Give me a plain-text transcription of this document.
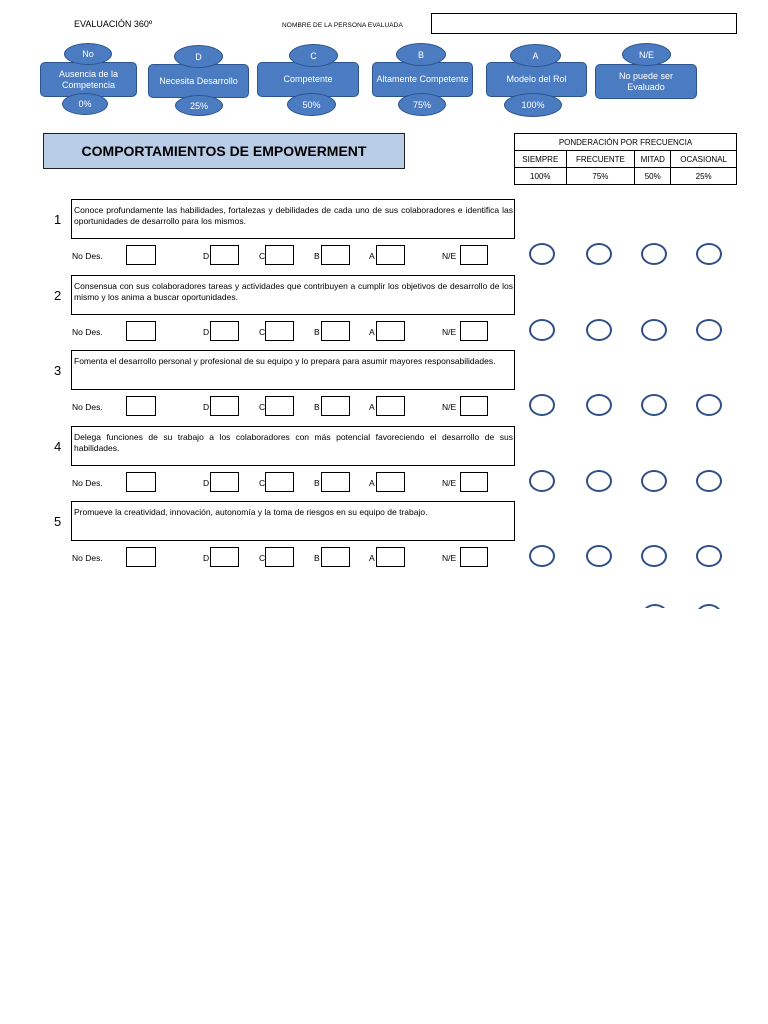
EVALUACIÓN 360º	NOMBRE DE LA PERSONA EVALUADA
Ausencia de la Competencia
No
0%
Necesita Desarrollo
D
25%
Competente
C
50%
Altamente Competente
B
75%
Modelo del Rol
A
100%
No puede ser Evaluado
N/E
COMPORTAMIENTOS DE EMPOWERMENT
PONDERACIÓN POR FRECUENCIA			
SIEMPRE	FRECUENTE	MITAD	OCASIONAL
100%	75%	50%	25%
1
Conoce profundamente las habilidades, fortalezas y debilidades de cada uno de sus colaboradores e identifica las oportunidades de desarrollo para los mismos.
No Des.	D	C	B	A	N/E
2
Consensua con sus colaboradores tareas y actividades que contribuyen a cumplir los objetivos de desarrollo de los mismo y los anima a buscar oportunidades.
No Des.	D	C	B	A	N/E
3
Fomenta el desarrollo personal y profesional de su equipo y lo prepara para asumir mayores responsabilidades.
No Des.	D	C	B	A	N/E
4
Delega funciones de su trabajo a los colaboradores con más potencial favoreciendo el desarrollo de sus habilidades.
No Des.	D	C	B	A	N/E
5
Promueve la creatividad, innovación, autonomía y la toma de riesgos en su equipo de trabajo.
No Des.	D	C	B	A	N/E
